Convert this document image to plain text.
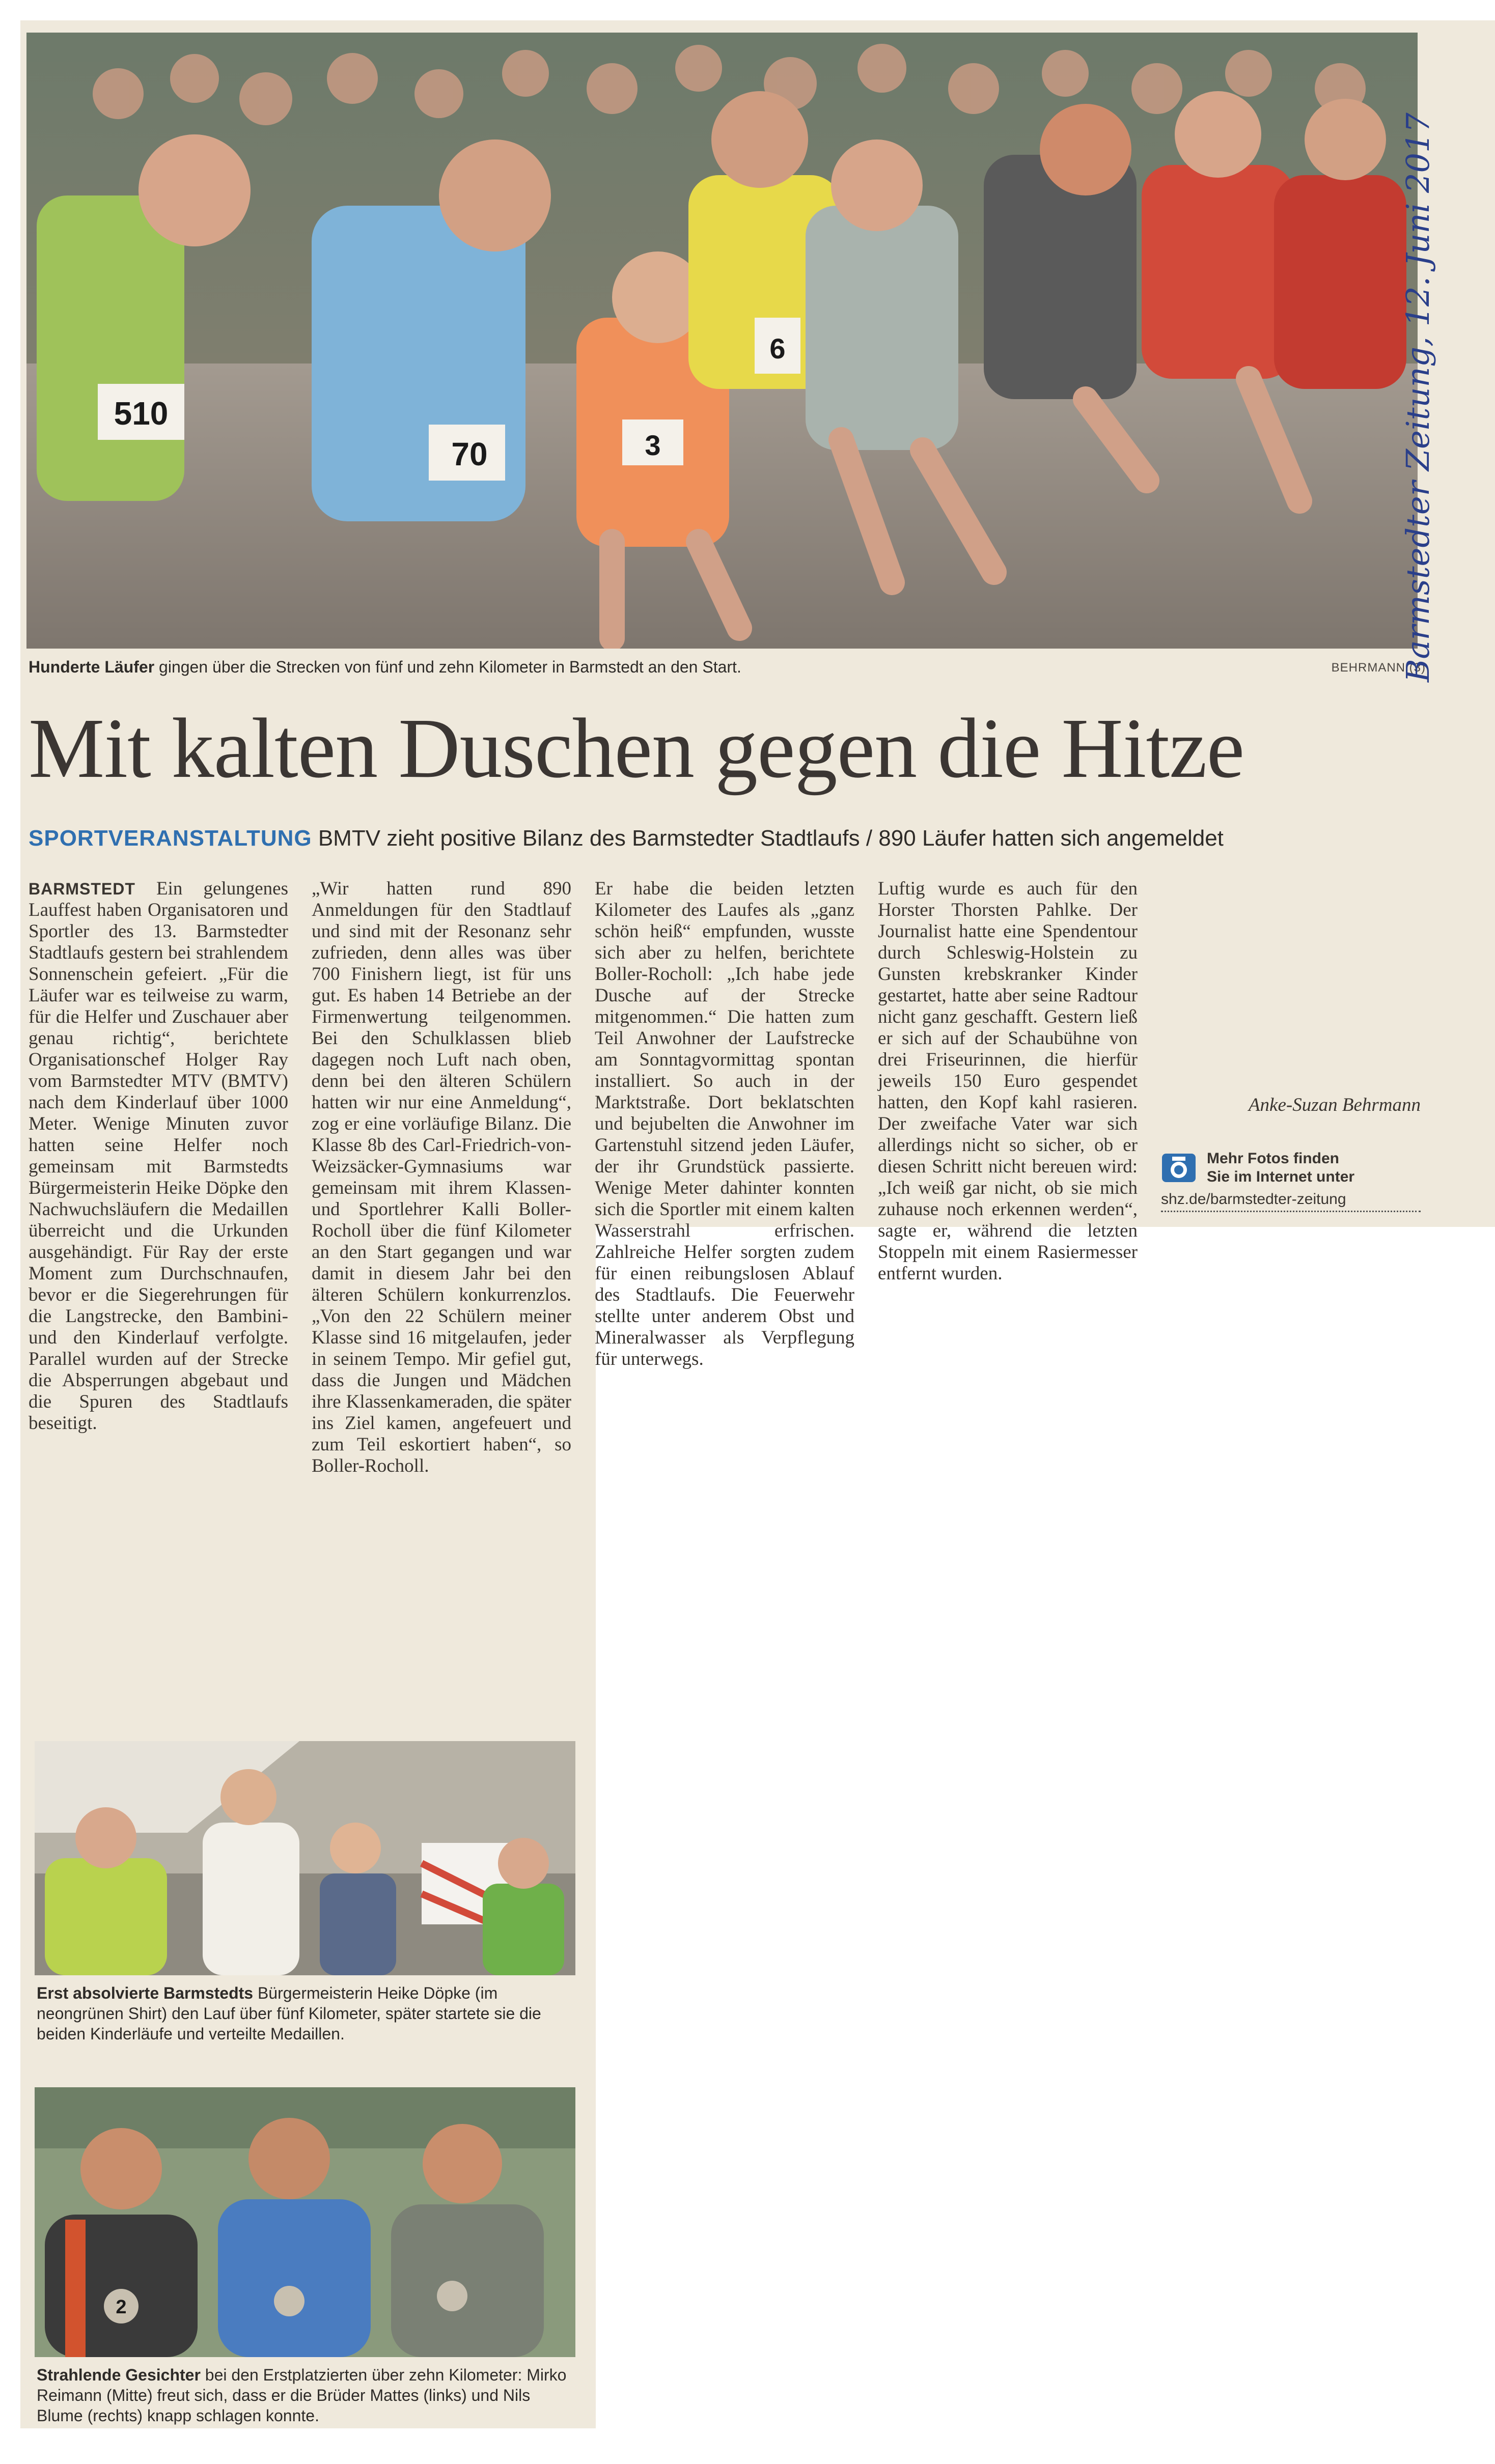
510
70	3
6
Hunderte Läufer gingen über die Strecken von fünf und zehn Kilometer in Barmstedt an den Start.	BEHRMANN (3)
Barmstedter Zeitung, 12. Juni 2017
Mit kalten Duschen gegen die Hitze
SPORTVERANSTALTUNG BMTV zieht positive Bilanz des Barmstedter Stadtlaufs / 890 Läufer hatten sich angemeldet

BARMSTEDT Ein gelungenes Lauffest haben Organisatoren und Sportler des 13. Barmstedter Stadtlaufs gestern bei strahlendem Sonnenschein gefeiert. „Für die Läufer war es teilweise zu warm, für die Helfer und Zuschauer aber genau richtig“, berichtete Organisationschef Holger Ray vom Barmstedter MTV (BMTV) nach dem Kinderlauf über 1000 Meter. Wenige Minuten zuvor hatten seine Helfer noch gemeinsam mit Barmstedts Bürgermeisterin Heike Döpke den Nachwuchsläufern die Medaillen überreicht und die Urkunden ausgehändigt. Für Ray der erste Moment zum Durchschnaufen, bevor er die Siegerehrungen für die Langstrecke, den Bambini- und den Kinderlauf verfolgte. Parallel wurden auf der Strecke die Absperrungen abgebaut und die Spuren des Stadtlaufs beseitigt.

„Wir hatten rund 890 Anmeldungen für den Stadtlauf und sind mit der Resonanz sehr zufrieden, denn alles was über 700 Finishern liegt, ist für uns gut. Es haben 14 Betriebe an der Firmenwertung teilgenommen. Bei den Schulklassen blieb dagegen noch Luft nach oben, denn bei den älteren Schülern hatten wir nur eine Anmeldung“, zog er eine vorläufige Bilanz. Die Klasse 8b des Carl-Friedrich-von-Weizsäcker-Gymnasiums war gemeinsam mit ihrem Klassen- und Sportlehrer Kalli Boller-Rocholl über die fünf Kilometer an den Start gegangen und war damit in diesem Jahr bei den älteren Schülern konkurrenzlos. „Von den 22 Schülern meiner Klasse sind 16 mitgelaufen, jeder in seinem Tempo. Mir gefiel gut, dass die Jungen und Mädchen ihre Klassenkameraden, die später ins Ziel kamen, angefeuert und zum Teil eskortiert haben“, so Boller-Rocholl.

Er habe die beiden letzten Kilometer des Laufes als „ganz schön heiß“ empfunden, wusste sich aber zu helfen, berichtete Boller-Rocholl: „Ich habe jede Dusche auf der Strecke mitgenommen.“ Die hatten zum Teil Anwohner der Laufstrecke am Sonntagvormittag spontan installiert. So auch in der Marktstraße. Dort beklatschten und bejubelten die Anwohner im Gartenstuhl sitzend jeden Läufer, der ihr Grundstück passierte. Wenige Meter dahinter konnten sich die Sportler mit einem kalten Wasserstrahl erfrischen. Zahlreiche Helfer sorgten zudem für einen reibungslosen Ablauf des Stadtlaufs. Die Feuerwehr stellte unter anderem Obst und Mineralwasser als Verpflegung für unterwegs.

Luftig wurde es auch für den Horster Thorsten Pahlke. Der Journalist hatte eine Spendentour durch Schleswig-Holstein zu Gunsten krebskranker Kinder gestartet, hatte aber seine Radtour nicht ganz geschafft. Gestern ließ er sich auf der Schaubühne von drei Friseurinnen, die hierfür jeweils 150 Euro gespendet hatten, den Kopf kahl rasieren. Der zweifache Vater war sich allerdings nicht so sicher, ob er diesen Schritt nicht bereuen wird: „Ich weiß gar nicht, ob sie mich zuhause noch erkennen werden“, sagte er, während die letzten Stoppeln mit einem Rasiermesser entfernt wurden.

Anke-Suzan Behrmann
Mehr Fotos finden
Sie im Internet unter
shz.de/barmstedter-zeitung
Erst absolvierte Barmstedts Bürgermeisterin Heike Döpke (im neongrünen Shirt) den Lauf über fünf Kilometer, später startete sie die beiden Kinderläufe und verteilte Medaillen.
2
Strahlende Gesichter bei den Erstplatzierten über zehn Kilometer: Mirko Reimann (Mitte) freut sich, dass er die Brüder Mattes (links) und Nils Blume (rechts) knapp schlagen konnte.
